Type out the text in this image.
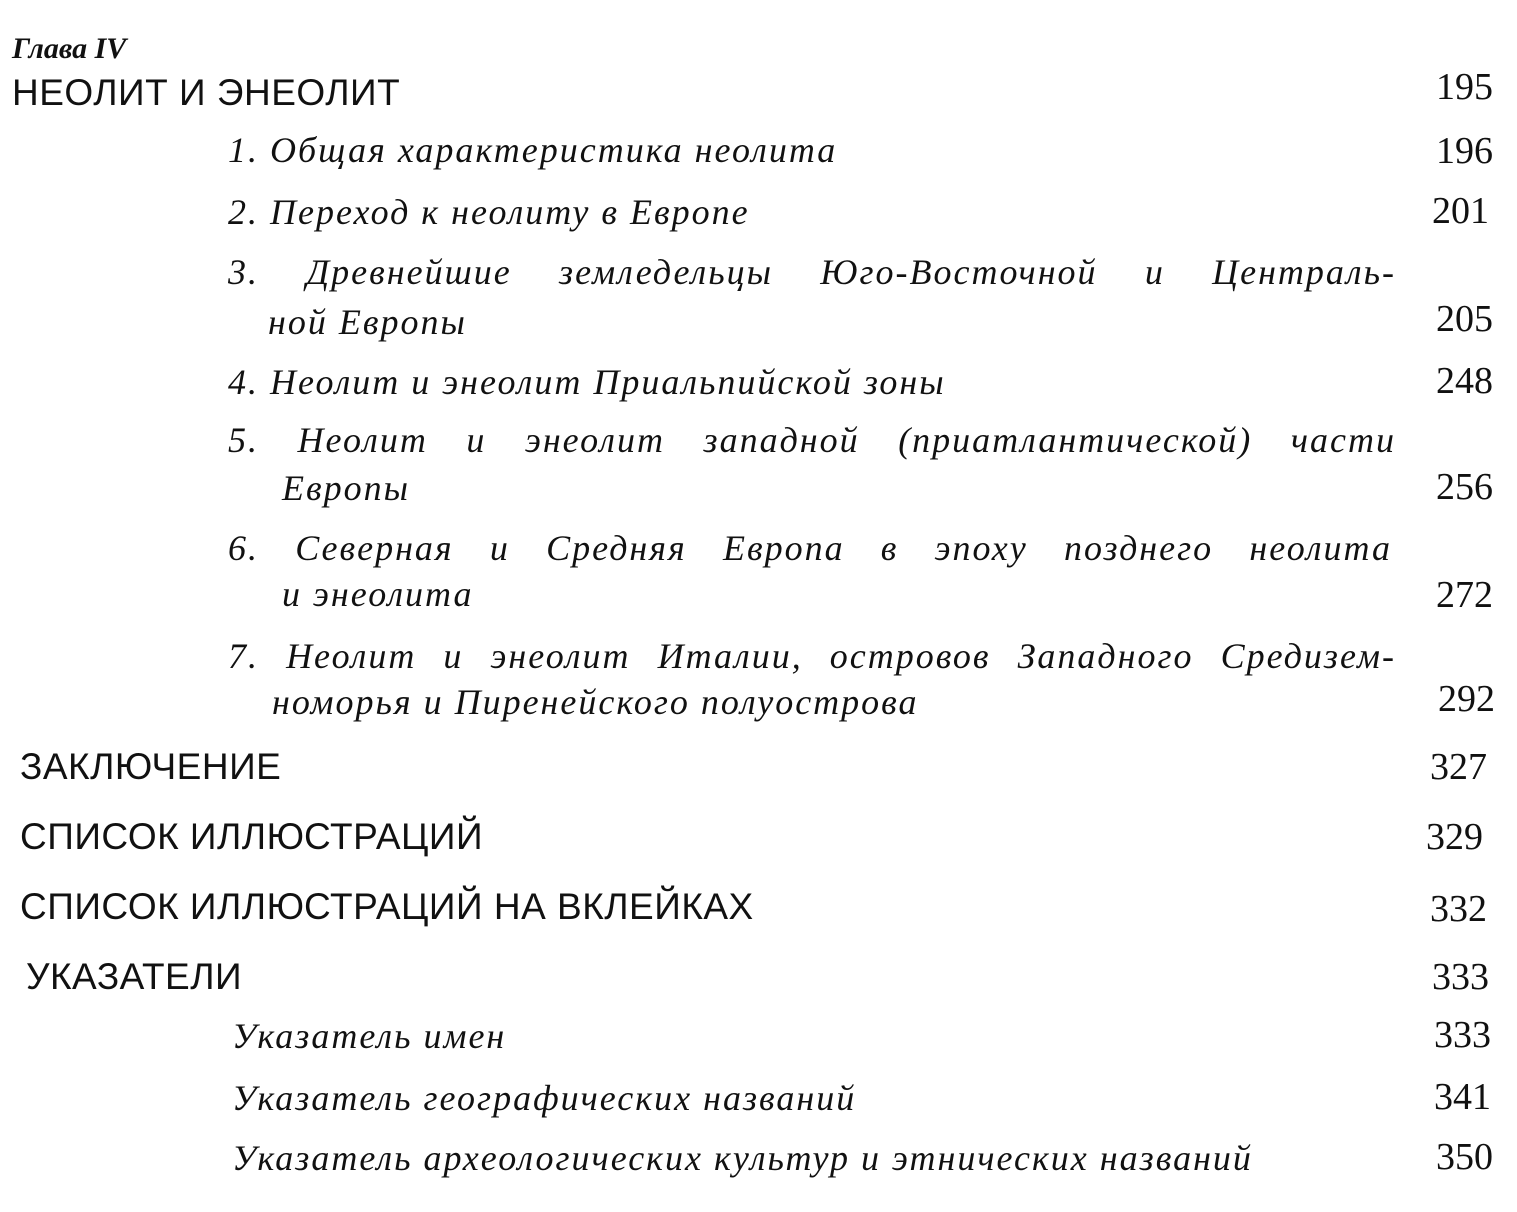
Глава IV
НЕОЛИТ И ЭНЕОЛИТ	195
1. Общая характеристика неолита	196
2. Переход к неолиту в Европе	201
3. Древнейшие земледельцы Юго-Восточной и Централь-
ной Европы	205
4. Неолит и энеолит Приальпийской зоны	248
5. Неолит и энеолит западной (приатлантической) части
Европы	256
6. Северная и Средняя Европа в эпоху позднего неолита
и энеолита	272
7. Неолит и энеолит Италии, островов Западного Средизем-
номорья и Пиренейского полуострова	292
ЗАКЛЮЧЕНИЕ	327
СПИСОК ИЛЛЮСТРАЦИЙ	329
СПИСОК ИЛЛЮСТРАЦИЙ НА ВКЛЕЙКАХ	332
УКАЗАТЕЛИ	333
Указатель имен	333
Указатель географических названий	341
Указатель археологических культур и этнических названий	350
